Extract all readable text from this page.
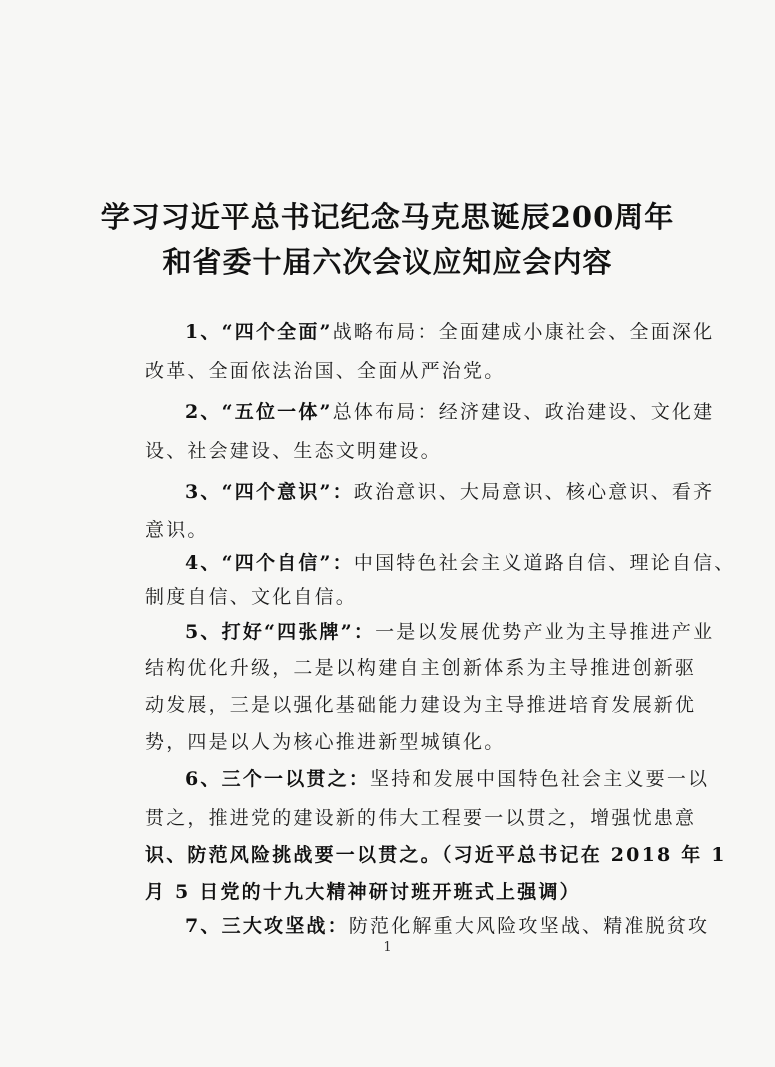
学习习近平总书记纪念马克思诞辰200周年
和省委十届六次会议应知应会内容
1、“四个全面”战略布局：全面建成小康社会、全面深化
改革、全面依法治国、全面从严治党。
2、“五位一体”总体布局：经济建设、政治建设、文化建
设、社会建设、生态文明建设。
3、“四个意识”：政治意识、大局意识、核心意识、看齐
意识。
4、“四个自信”：中国特色社会主义道路自信、理论自信、
制度自信、文化自信。
5、打好“四张牌”：一是以发展优势产业为主导推进产业
结构优化升级，二是以构建自主创新体系为主导推进创新驱
动发展，三是以强化基础能力建设为主导推进培育发展新优
势，四是以人为核心推进新型城镇化。
6、三个一以贯之：坚持和发展中国特色社会主义要一以
贯之，推进党的建设新的伟大工程要一以贯之，增强忧患意
识、防范风险挑战要一以贯之。（习近平总书记在 2018 年 1
月 5 日党的十九大精神研讨班开班式上强调）
7、三大攻坚战：防范化解重大风险攻坚战、精准脱贫攻
1
